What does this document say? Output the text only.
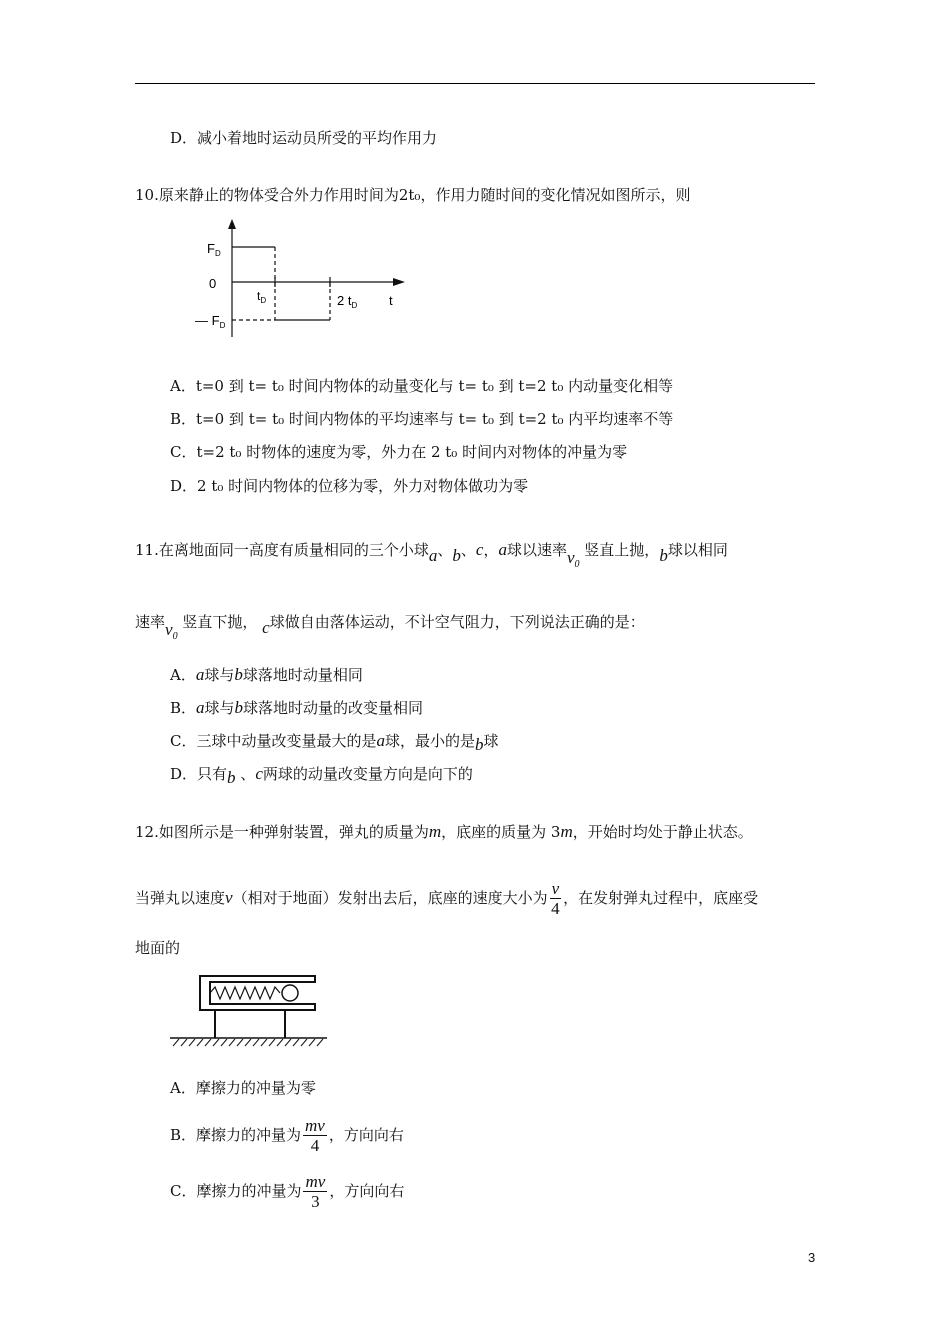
D．减小着地时运动员所受的平均作用力
10.原来静止的物体受合外力作用时间为2t₀，作用力随时间的变化情况如图所示，则
$F_D$
0
— $F_D$
$t_D$	2 $t_D$ t
A．t=0 到 t= t₀ 时间内物体的动量变化与 t= t₀ 到 t=2 t₀ 内动量变化相等
B．t=0 到 t= t₀ 时间内物体的平均速率与 t= t₀ 到 t=2 t₀ 内平均速率不等
C．t=2 t₀ 时物体的速度为零，外力在 2 t₀ 时间内对物体的冲量为零
D．2 t₀ 时间内物体的位移为零，外力对物体做功为零
11.在离地面同一高度有质量相同的三个小球a、b、c，a球以速率$v_0$ 竖直上抛，b球以相同
速率$v_0$ 竖直下抛， c球做自由落体运动，不计空气阻力，下列说法正确的是：
A．a球与b球落地时动量相同
B．a球与b球落地时动量的改变量相同
C．三球中动量改变量最大的是a球，最小的是b球
D．只有b 、c两球的动量改变量方向是向下的
12.如图所示是一种弹射装置，弹丸的质量为m，底座的质量为 3m，开始时均处于静止状态。
当弹丸以速度v（相对于地面）发射出去后，底座的速度大小为 $\frac{v}{4}$ ，在发射弹丸过程中，底座受
地面的
A．摩擦力的冲量为零
B．摩擦力的冲量为 $\frac{mv}{4}$ ，方向向右
C．摩擦力的冲量为 $\frac{mv}{3}$ ，方向向右
3
